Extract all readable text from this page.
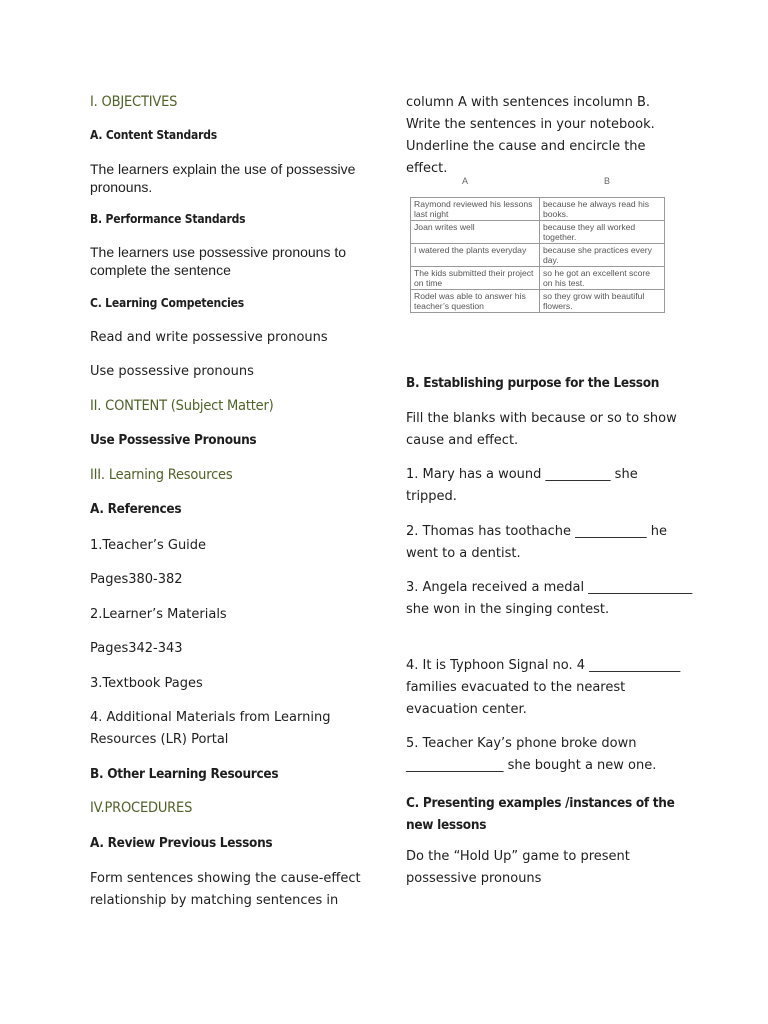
I. OBJECTIVES
A. Content Standards
The learners explain the use of possessive pronouns.
B. Performance Standards
The learners use possessive pronouns to complete the sentence
C. Learning Competencies
Read and write possessive pronouns
Use possessive pronouns
II. CONTENT (Subject Matter)
Use Possessive Pronouns
III. Learning Resources
A. References
1.Teacher’s Guide
Pages380-382
2.Learner’s Materials
Pages342-343
3.Textbook Pages
4. Additional Materials from Learning Resources (LR) Portal
B. Other Learning Resources
IV.PROCEDURES
A. Review Previous Lessons
Form sentences showing the cause-effect relationship by matching sentences in
column A with sentences incolumn B. Write the sentences in your notebook. Underline the cause and encircle the effect.
A	B
Raymond reviewed his lessons last night	because he always read his books.
Joan writes well	because they all worked together.
I watered the plants everyday	because she practices every day.
The kids submitted their project on time	so he got an excellent score on his test.
Rodel was able to answer his teacher’s question	so they grow with beautiful flowers.
B. Establishing purpose for the Lesson
Fill the blanks with because or so to show cause and effect.
1. Mary has a wound __________ she tripped.
2. Thomas has toothache ___________ he went to a dentist.
3. Angela received a medal ________________ she won in the singing contest.
4. It is Typhoon Signal no. 4 ______________ families evacuated to the nearest evacuation center.
5. Teacher Kay’s phone broke down _______________ she bought a new one.
C. Presenting examples /instances of the new lessons
Do the “Hold Up” game to present possessive pronouns
